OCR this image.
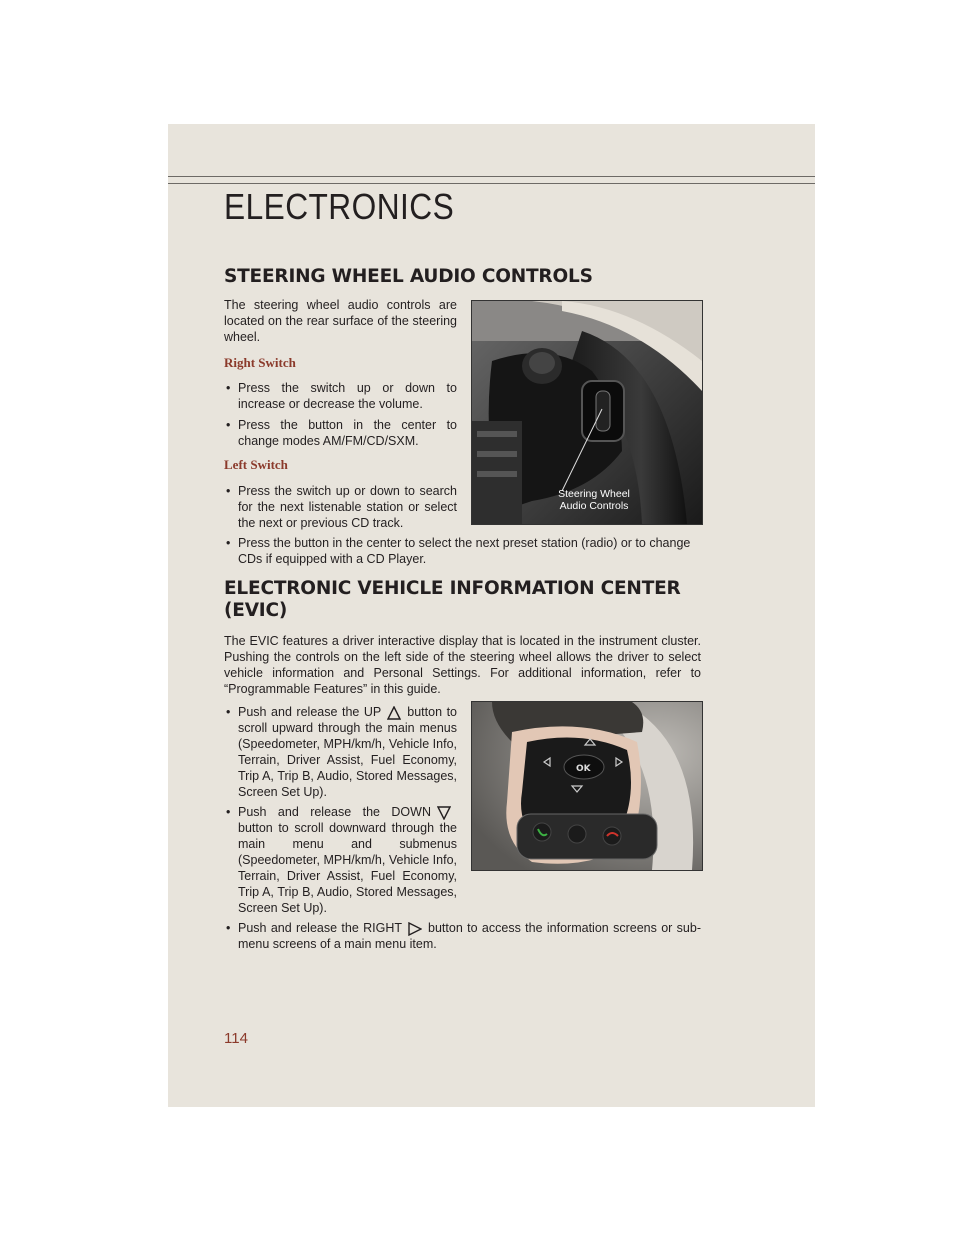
ELECTRONICS
STEERING WHEEL AUDIO CONTROLS

The steering wheel audio controls are located on the rear surface of the steering wheel.

Right Switch
• Press the switch up or down to increase or decrease the volume.
• Press the button in the center to change modes AM/FM/CD/SXM.
Left Switch
• Press the switch up or down to search for the next listenable station or select the next or previous CD track.
• Press the button in the center to select the next preset station (radio) or to change CDs if equipped with a CD Player.
Steering Wheel
Audio Controls
ELECTRONIC VEHICLE INFORMATION CENTER
(EVIC)

The EVIC features a driver interactive display that is located in the instrument cluster. Pushing the controls on the left side of the steering wheel allows the driver to select vehicle information and Personal Settings. For additional information, refer to “Programmable Features” in this guide.

• Push and release the UP button to scroll upward through the main menus (Speedometer, MPH/km/h, Vehicle Info, Terrain, Driver Assist, Fuel Economy, Trip A, Trip B, Audio, Stored Messages, Screen Set Up).
• Push and release the DOWNbutton to scroll downward through the main menu and submenus (Speedometer, MPH/km/h, Vehicle Info, Terrain, Driver Assist, Fuel Economy, Trip A, Trip B, Audio, Stored Messages, Screen Set Up).
• Push and release the RIGHT button to access the information screens or sub-menu screens of a main menu item.
OK
114
